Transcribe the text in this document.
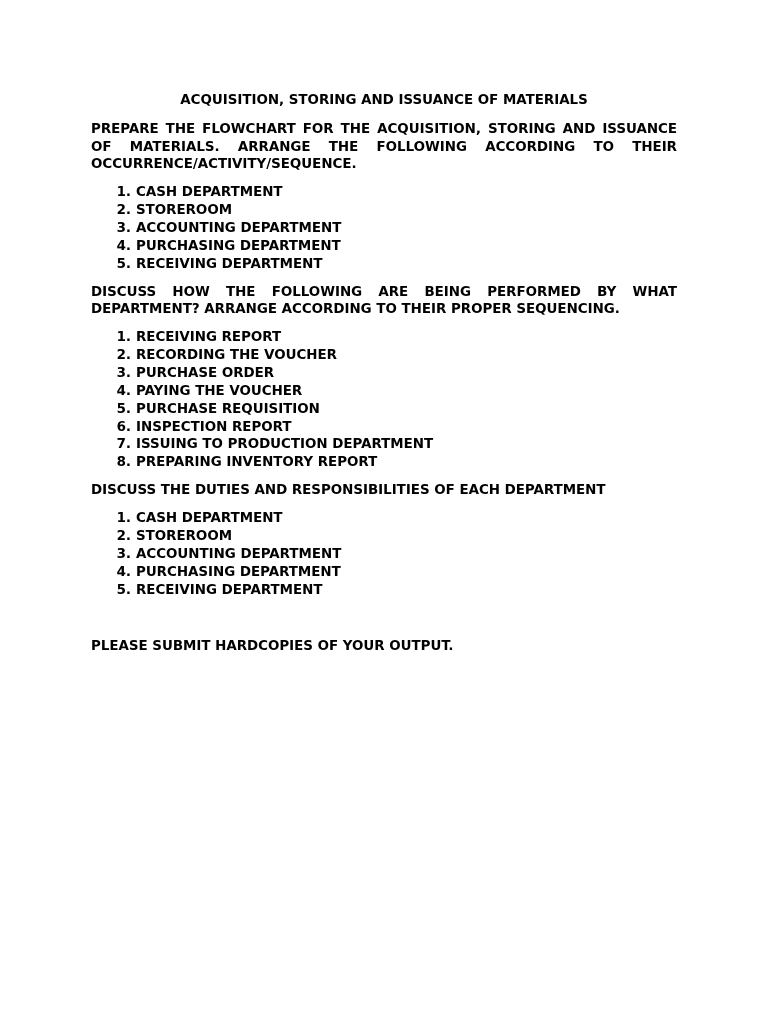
ACQUISITION, STORING AND ISSUANCE OF MATERIALS

PREPARE THE FLOWCHART FOR THE ACQUISITION, STORING AND ISSUANCE OF MATERIALS. ARRANGE THE FOLLOWING ACCORDING TO THEIR OCCURRENCE/ACTIVITY/SEQUENCE.

1. CASH DEPARTMENT
2. STOREROOM
3. ACCOUNTING DEPARTMENT
4. PURCHASING DEPARTMENT
5. RECEIVING DEPARTMENT

DISCUSS HOW THE FOLLOWING ARE BEING PERFORMED BY WHAT DEPARTMENT? ARRANGE ACCORDING TO THEIR PROPER SEQUENCING.

1. RECEIVING REPORT
2. RECORDING THE VOUCHER
3. PURCHASE ORDER
4. PAYING THE VOUCHER
5. PURCHASE REQUISITION
6. INSPECTION REPORT
7. ISSUING TO PRODUCTION DEPARTMENT
8. PREPARING INVENTORY REPORT

DISCUSS THE DUTIES AND RESPONSIBILITIES OF EACH DEPARTMENT

1. CASH DEPARTMENT
2. STOREROOM
3. ACCOUNTING DEPARTMENT
4. PURCHASING DEPARTMENT
5. RECEIVING DEPARTMENT
PLEASE SUBMIT HARDCOPIES OF YOUR OUTPUT.
